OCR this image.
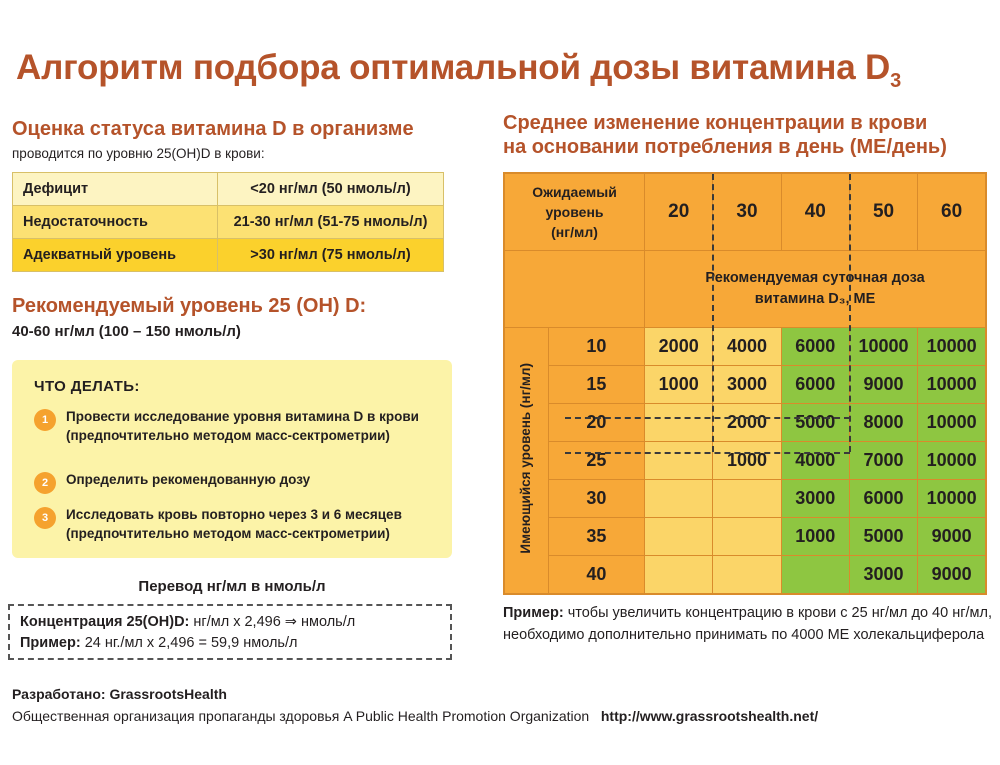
Алгоритм подбора оптимальной дозы витамина $D_3$
Оценка статуса витамина D в организме
проводится по уровню 25(OH)D в крови:
Дефицит	<20 нг/мл (50 нмоль/л)
Недостаточность	21-30 нг/мл (51-75 нмоль/л)
Адекватный уровень	>30 нг/мл (75 нмоль/л)
Рекомендуемый уровень 25 (OH) D:
40-60 нг/мл (100 – 150 нмоль/л)
ЧТО ДЕЛАТЬ:
1	Провести исследование уровня витамина D в крови
(предпочтительно методом масс-сектрометрии)
2	Определить рекомендованную дозу
3	Исследовать кровь повторно через 3 и 6 месяцев
(предпочтительно методом масс-сектрометрии)
Перевод нг/мл в нмоль/л
Концентрация 25(OH)D: нг/мл х 2,496 ⇒ нмоль/л
Пример: 24 нг./мл х 2,496 = 59,9 нмоль/л
Среднее изменение концентрации в крови
на основании потребления в день (МЕ/день)
Ожидаемый
уровень
(нг/мл)		20	30	40	50	60

		Рекомендуемая суточная доза
витамина D₃, МЕ				

Имеющийся уровень (нг/мл)	10	2000	4000	6000	10000	10000
	15	1000	3000	6000	9000	10000
	20		2000	5000	8000	10000
	25		1000	4000	7000	10000
	30			3000	6000	10000
	35			1000	5000	9000
	40				3000	9000
Пример: чтобы увеличить концентрацию в крови с 25 нг/мл до 40 нг/мл, необходимо дополнительно принимать по 4000 МЕ холекальциферола
Разработано: GrassrootsHealth
Общественная организация пропаганды здоровья A Public Health Promotion Organization http://www.grassrootshealth.net/
